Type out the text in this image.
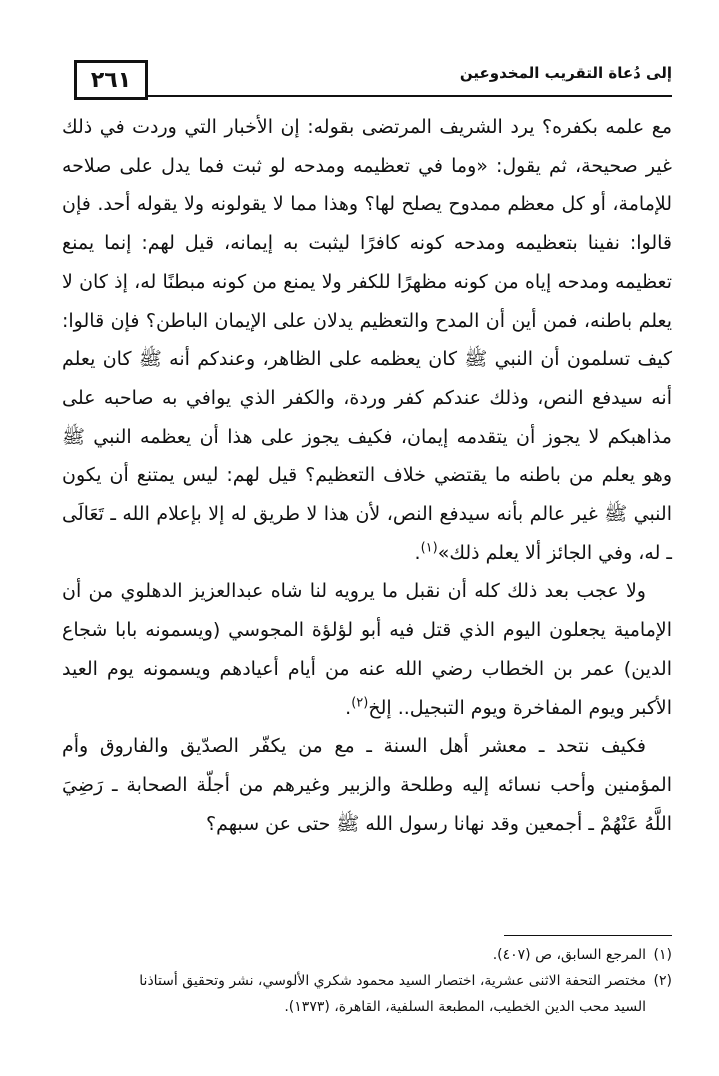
٢٦١	إلى دُعاة التقريب المخدوعين

مع علمه بكفره؟ يرد الشريف المرتضى بقوله: إن الأخبار التي وردت في ذلك غير صحيحة، ثم يقول: «وما في تعظيمه ومدحه لو ثبت فما يدل على صلاحه للإمامة، أو كل معظم ممدوح يصلح لها؟ وهذا مما لا يقولونه ولا يقوله أحد. فإن قالوا: نفينا بتعظيمه ومدحه كونه كافرًا ليثبت به إيمانه، قيل لهم: إنما يمنع تعظيمه ومدحه إياه من كونه مظهرًا للكفر ولا يمنع من كونه مبطنًا له، إذ كان لا يعلم باطنه، فمن أين أن المدح والتعظيم يدلان على الإيمان الباطن؟ فإن قالوا: كيف تسلمون أن النبي ﷺ كان يعظمه على الظاهر، وعندكم أنه ﷺ كان يعلم أنه سيدفع النص، وذلك عندكم كفر وردة، والكفر الذي يوافي به صاحبه على مذاهبكم لا يجوز أن يتقدمه إيمان، فكيف يجوز على هذا أن يعظمه النبي ﷺ وهو يعلم من باطنه ما يقتضي خلاف التعظيم؟ قيل لهم: ليس يمتنع أن يكون النبي ﷺ غير عالم بأنه سيدفع النص، لأن هذا لا طريق له إلا بإعلام الله ـ تَعَالَى ـ له، وفي الجائز ألا يعلم ذلك»$^{(١)}$.

ولا عجب بعد ذلك كله أن نقبل ما يرويه لنا شاه عبدالعزيز الدهلوي من أن الإمامية يجعلون اليوم الذي قتل فيه أبو لؤلؤة المجوسي (ويسمونه بابا شجاع الدين) عمر بن الخطاب رضي الله عنه من أيام أعيادهم ويسمونه يوم العيد الأكبر ويوم المفاخرة ويوم التبجيل.. إلخ$^{(٢)}$.

فكيف نتحد ـ معشر أهل السنة ـ مع من يكفّر الصدّيق والفاروق وأم المؤمنين وأحب نسائه إليه وطلحة والزبير وغيرهم من أجلّة الصحابة ـ رَضِيَ اللَّهُ عَنْهُمْ ـ أجمعين وقد نهانا رسول الله ﷺ حتى عن سبهم؟

(١)المرجع السابق، ص (٤٠٧).

(٢)مختصر التحفة الاثنى عشرية، اختصار السيد محمود شكري الألوسي، نشر وتحقيق أستاذنا

السيد محب الدين الخطيب، المطبعة السلفية، القاهرة، (١٣٧٣).
